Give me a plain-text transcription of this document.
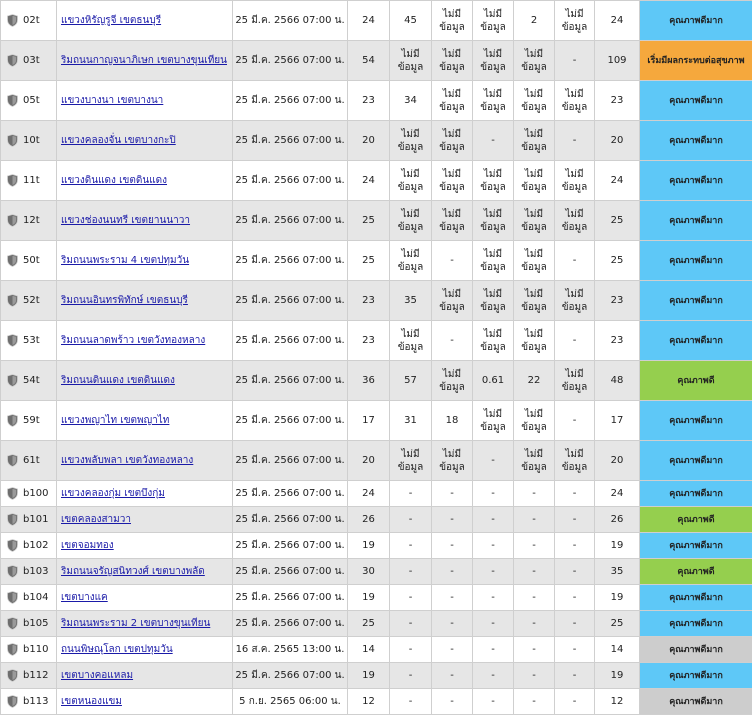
02t	แขวงหิรัญรูจี เขตธนบุรี	25 มี.ค. 2566 07:00 น.	24	45	ไม่มีข้อมูล	ไม่มีข้อมูล	2	ไม่มีข้อมูล	24	คุณภาพดีมาก
03t	ริมถนนกาญจนาภิเษก เขตบางขุนเทียน	25 มี.ค. 2566 07:00 น.	54	ไม่มีข้อมูล	ไม่มีข้อมูล	ไม่มีข้อมูล	ไม่มีข้อมูล	-	109	เริ่มมีผลกระทบต่อสุขภาพ
05t	แขวงบางนา เขตบางนา	25 มี.ค. 2566 07:00 น.	23	34	ไม่มีข้อมูล	ไม่มีข้อมูล	ไม่มีข้อมูล	ไม่มีข้อมูล	23	คุณภาพดีมาก
10t	แขวงคลองจั่น เขตบางกะปิ	25 มี.ค. 2566 07:00 น.	20	ไม่มีข้อมูล	ไม่มีข้อมูล	-	ไม่มีข้อมูล	-	20	คุณภาพดีมาก
11t	แขวงดินแดง เขตดินแดง	25 มี.ค. 2566 07:00 น.	24	ไม่มีข้อมูล	ไม่มีข้อมูล	ไม่มีข้อมูล	ไม่มีข้อมูล	ไม่มีข้อมูล	24	คุณภาพดีมาก
12t	แขวงช่องนนทรี เขตยานนาวา	25 มี.ค. 2566 07:00 น.	25	ไม่มีข้อมูล	ไม่มีข้อมูล	ไม่มีข้อมูล	ไม่มีข้อมูล	ไม่มีข้อมูล	25	คุณภาพดีมาก
50t	ริมถนนพระราม 4 เขตปทุมวัน	25 มี.ค. 2566 07:00 น.	25	ไม่มีข้อมูล	-	ไม่มีข้อมูล	ไม่มีข้อมูล	-	25	คุณภาพดีมาก
52t	ริมถนนอินทรพิทักษ์ เขตธนบุรี	25 มี.ค. 2566 07:00 น.	23	35	ไม่มีข้อมูล	ไม่มีข้อมูล	ไม่มีข้อมูล	ไม่มีข้อมูล	23	คุณภาพดีมาก
53t	ริมถนนลาดพร้าว เขตวังทองหลาง	25 มี.ค. 2566 07:00 น.	23	ไม่มีข้อมูล	-	ไม่มีข้อมูล	ไม่มีข้อมูล	-	23	คุณภาพดีมาก
54t	ริมถนนดินแดง เขตดินแดง	25 มี.ค. 2566 07:00 น.	36	57	ไม่มีข้อมูล	0.61	22	ไม่มีข้อมูล	48	คุณภาพดี
59t	แขวงพญาไท เขตพญาไท	25 มี.ค. 2566 07:00 น.	17	31	18	ไม่มีข้อมูล	ไม่มีข้อมูล	-	17	คุณภาพดีมาก
61t	แขวงพลับพลา เขตวังทองหลาง	25 มี.ค. 2566 07:00 น.	20	ไม่มีข้อมูล	ไม่มีข้อมูล	-	ไม่มีข้อมูล	ไม่มีข้อมูล	20	คุณภาพดีมาก
b100	แขวงคลองกุ่ม เขตบึงกุ่ม	25 มี.ค. 2566 07:00 น.	24	-	-	-	-	-	24	คุณภาพดีมาก
b101	เขตคลองสามวา	25 มี.ค. 2566 07:00 น.	26	-	-	-	-	-	26	คุณภาพดี
b102	เขตจอมทอง	25 มี.ค. 2566 07:00 น.	19	-	-	-	-	-	19	คุณภาพดีมาก
b103	ริมถนนจรัญสนิทวงศ์ เขตบางพลัด	25 มี.ค. 2566 07:00 น.	30	-	-	-	-	-	35	คุณภาพดี
b104	เขตบางแค	25 มี.ค. 2566 07:00 น.	19	-	-	-	-	-	19	คุณภาพดีมาก
b105	ริมถนนพระราม 2 เขตบางขุนเทียน	25 มี.ค. 2566 07:00 น.	25	-	-	-	-	-	25	คุณภาพดีมาก
b110	ถนนพิษณุโลก เขตปทุมวัน	16 ส.ค. 2565 13:00 น.	14	-	-	-	-	-	14	คุณภาพดีมาก
b112	เขตบางคอแหลม	25 มี.ค. 2566 07:00 น.	19	-	-	-	-	-	19	คุณภาพดีมาก
b113	เขตหนองแขม	5 ก.ย. 2565 06:00 น.	12	-	-	-	-	-	12	คุณภาพดีมาก
